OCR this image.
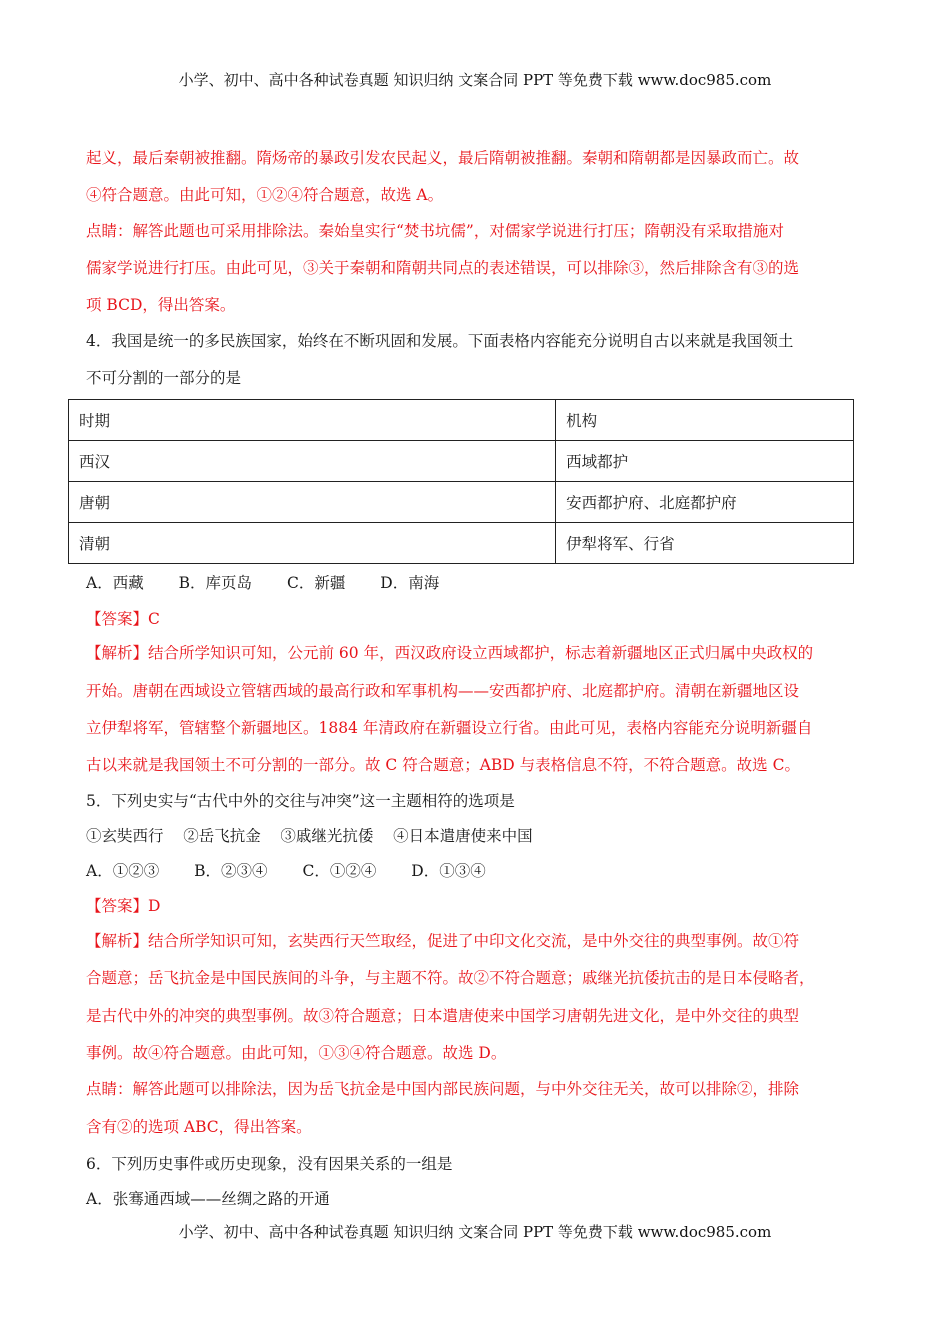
小学、初中、高中各种试卷真题 知识归纳 文案合同 PPT 等免费下载 www.doc985.com
起义，最后秦朝被推翻。隋炀帝的暴政引发农民起义，最后隋朝被推翻。秦朝和隋朝都是因暴政而亡。故
④符合题意。由此可知，①②④符合题意，故选 A。
点睛：解答此题也可采用排除法。秦始皇实行“焚书坑儒”，对儒家学说进行打压；隋朝没有采取措施对
儒家学说进行打压。由此可见，③关于秦朝和隋朝共同点的表述错误，可以排除③，然后排除含有③的选
项 BCD，得出答案。
4．我国是统一的多民族国家，始终在不断巩固和发展。下面表格内容能充分说明自古以来就是我国领土
不可分割的一部分的是
时期	机构
西汉	西域都护
唐朝	安西都护府、北庭都护府
清朝	伊犁将军、行省
A．西藏 B．库页岛 C．新疆 D．南海
【答案】C
【解析】结合所学知识可知，公元前 60 年，西汉政府设立西域都护，标志着新疆地区正式归属中央政权的
开始。唐朝在西域设立管辖西域的最高行政和军事机构——安西都护府、北庭都护府。清朝在新疆地区设
立伊犁将军，管辖整个新疆地区。1884 年清政府在新疆设立行省。由此可见，表格内容能充分说明新疆自
古以来就是我国领土不可分割的一部分。故 C 符合题意；ABD 与表格信息不符，不符合题意。故选 C。
5．下列史实与“古代中外的交往与冲突”这一主题相符的选项是
①玄奘西行    ②岳飞抗金    ③戚继光抗倭    ④日本遣唐使来中国
A．①②③ B．②③④ C．①②④ D．①③④
【答案】D
【解析】结合所学知识可知，玄奘西行天竺取经，促进了中印文化交流，是中外交往的典型事例。故①符
合题意；岳飞抗金是中国民族间的斗争，与主题不符。故②不符合题意；戚继光抗倭抗击的是日本侵略者，
是古代中外的冲突的典型事例。故③符合题意；日本遣唐使来中国学习唐朝先进文化，是中外交往的典型
事例。故④符合题意。由此可知，①③④符合题意。故选 D。
点睛：解答此题可以排除法，因为岳飞抗金是中国内部民族问题，与中外交往无关，故可以排除②，排除
含有②的选项 ABC，得出答案。
6．下列历史事件或历史现象，没有因果关系的一组是
A．张骞通西域——丝绸之路的开通
小学、初中、高中各种试卷真题 知识归纳 文案合同 PPT 等免费下载 www.doc985.com
